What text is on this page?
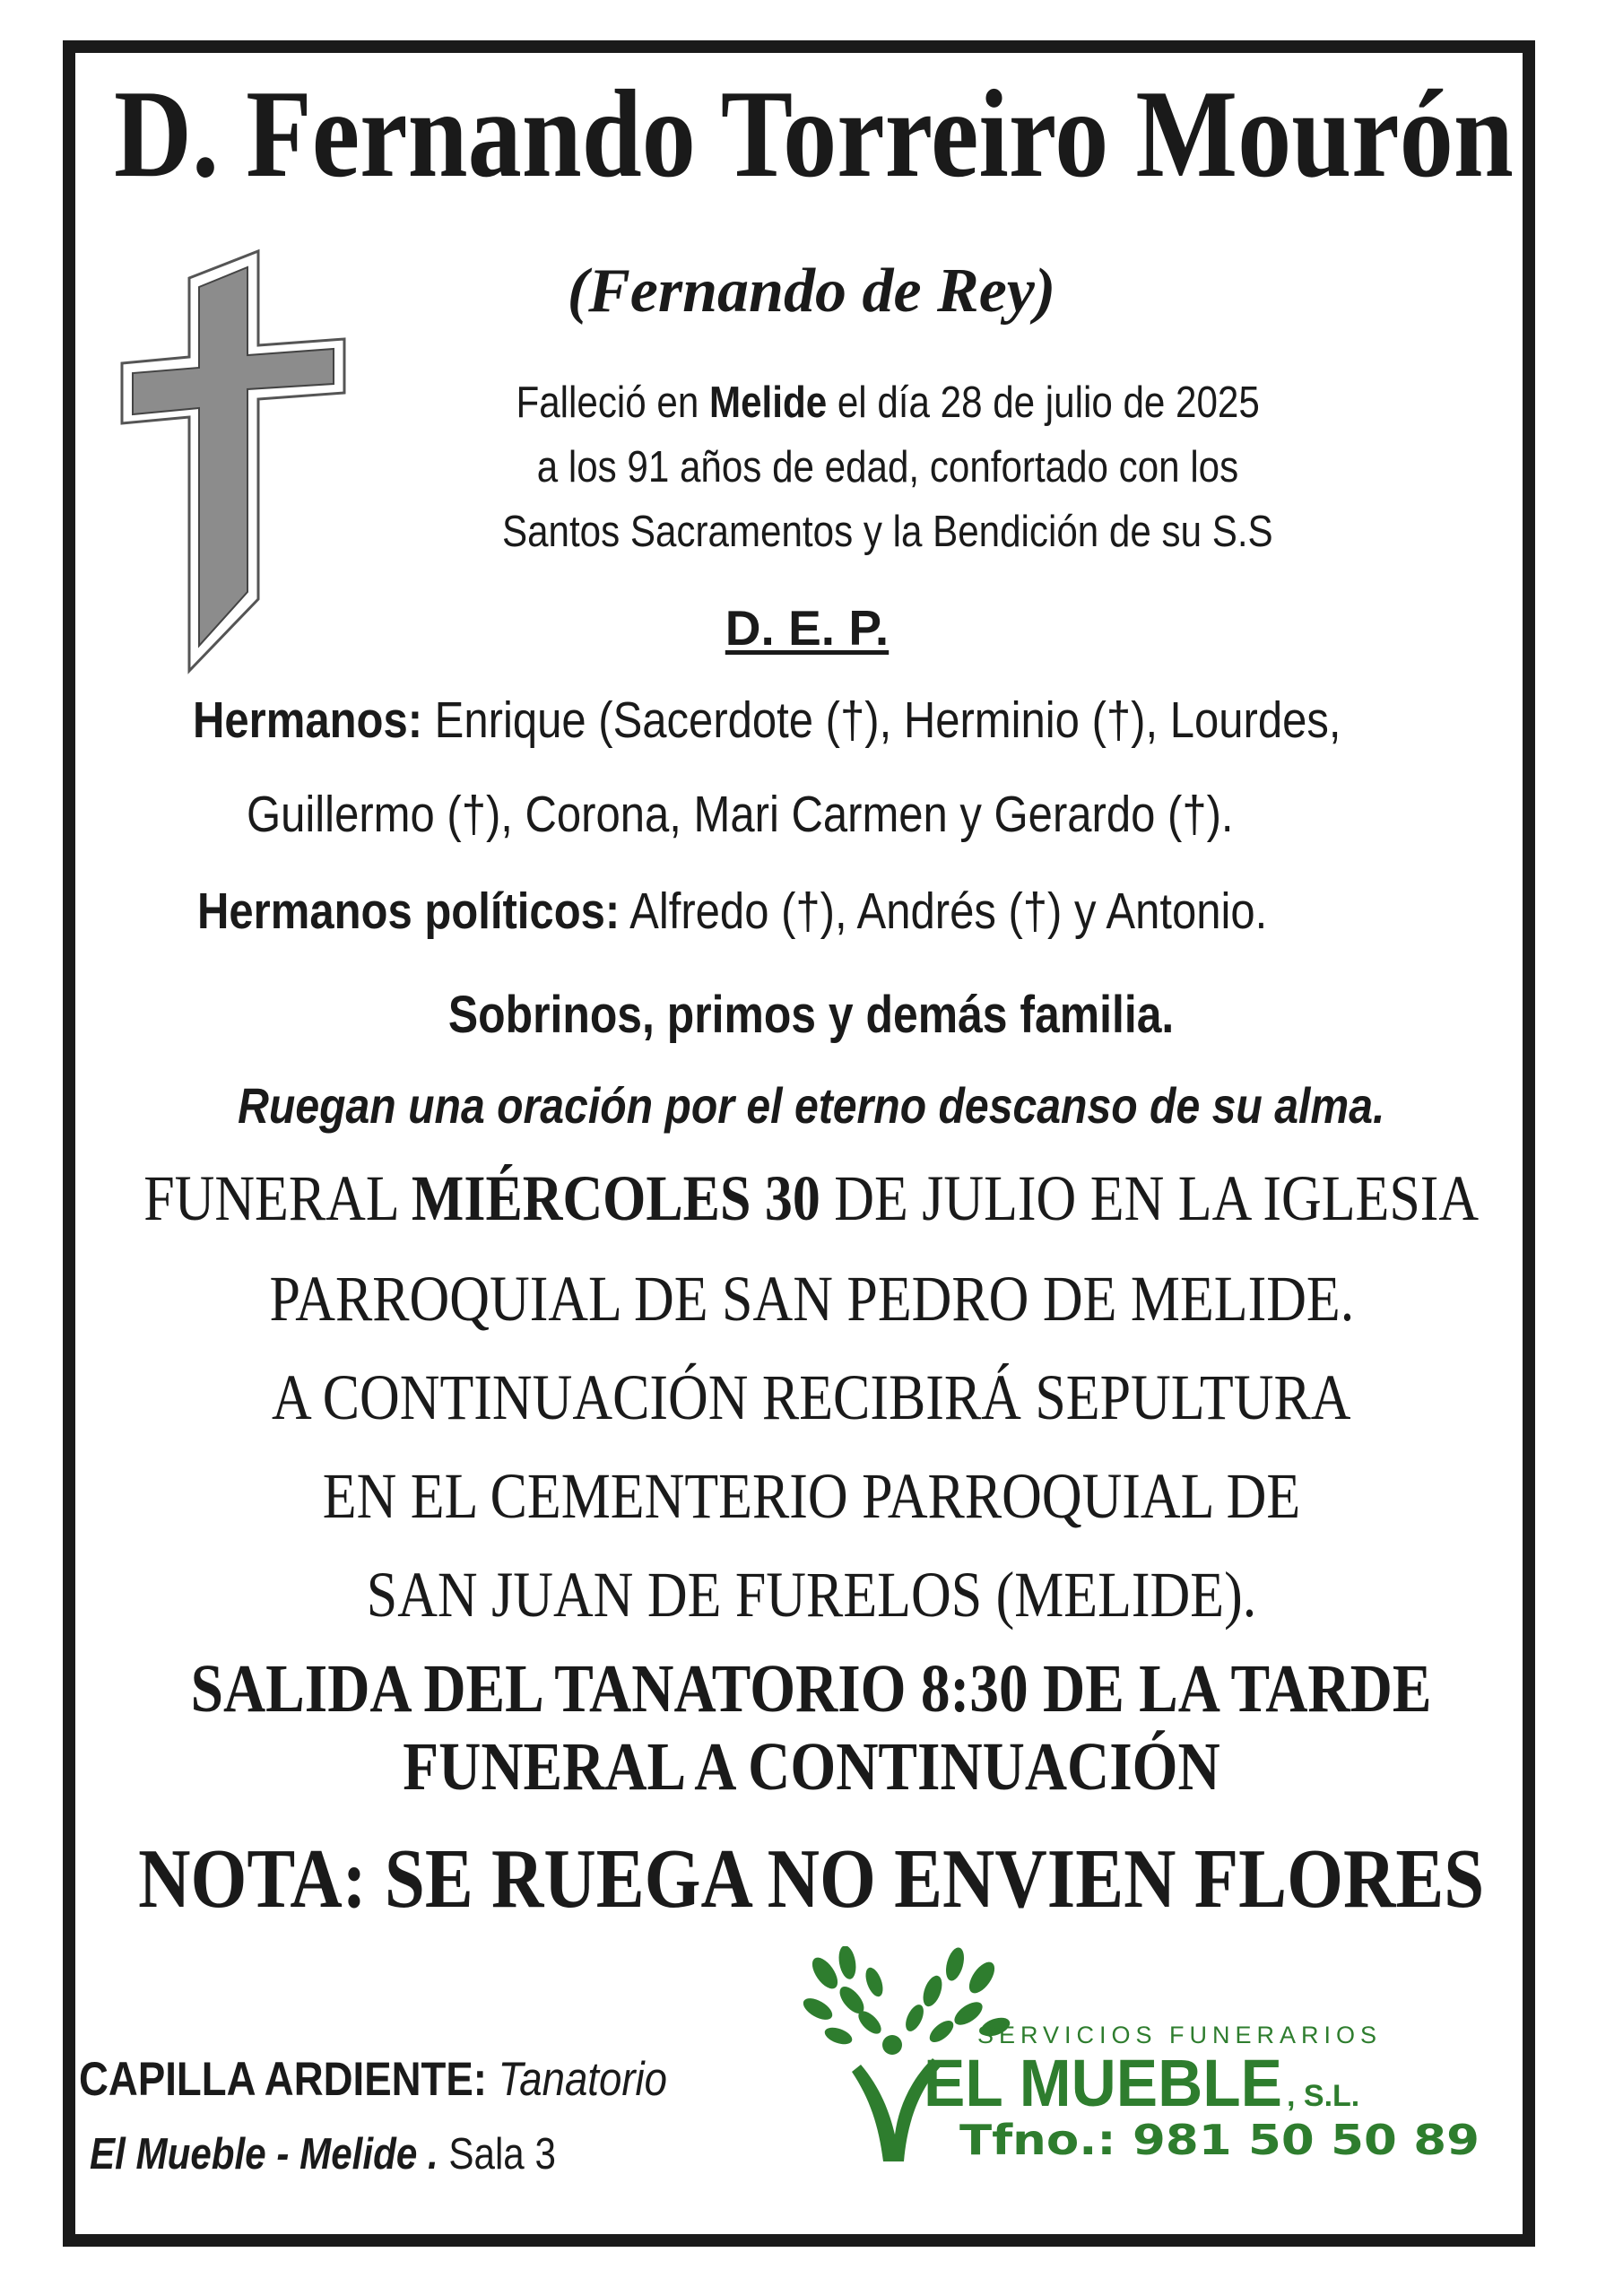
D. Fernando Torreiro Mourón
(Fernando de Rey)
Falleció en Melide el día 28 de julio de 2025
a los 91 años de edad, confortado con los
Santos Sacramentos y la Bendición de su S.S
D. E. P.
Hermanos: Enrique (Sacerdote (†), Herminio (†), Lourdes,
Guillermo (†), Corona, Mari Carmen y Gerardo (†).
Hermanos políticos: Alfredo (†), Andrés (†) y Antonio.
Sobrinos, primos y demás familia.
Ruegan una oración por el eterno descanso de su alma.
FUNERAL MIÉRCOLES 30 DE JULIO EN LA IGLESIA
PARROQUIAL DE SAN PEDRO DE MELIDE.
A CONTINUACIÓN RECIBIRÁ SEPULTURA
EN EL CEMENTERIO PARROQUIAL DE
SAN JUAN DE FURELOS (MELIDE).
SALIDA DEL TANATORIO 8:30 DE LA TARDE
FUNERAL A CONTINUACIÓN
NOTA: SE RUEGA NO ENVIEN FLORES
CAPILLA ARDIENTE: Tanatorio
El Mueble - Melide . Sala 3
SERVICIOS FUNERARIOS
EL MUEBLE , S.L.
Tfno.: 981 50 50 89
